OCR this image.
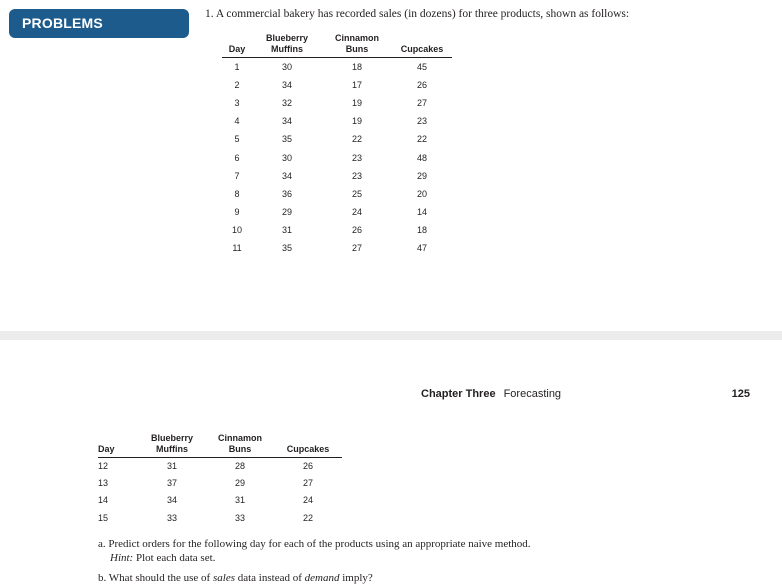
PROBLEMS
1. A commercial bakery has recorded sales (in dozens) for three products, shown as follows:
	Blueberry	Cinnamon	
Day	Muffins	Buns	Cupcakes
1	30	18	45
2	34	17	26
3	32	19	27
4	34	19	23
5	35	22	22
6	30	23	48
7	34	23	29
8	36	25	20
9	29	24	14
10	31	26	18
11	35	27	47
Chapter Three Forecasting	125
	Blueberry	Cinnamon	
Day	Muffins	Buns	Cupcakes
12	31	28	26
13	37	29	27
14	34	31	24
15	33	33	22
a. Predict orders for the following day for each of the products using an appropriate naive method.
Hint: Plot each data set.
b. What should the use of sales data instead of demand imply?
